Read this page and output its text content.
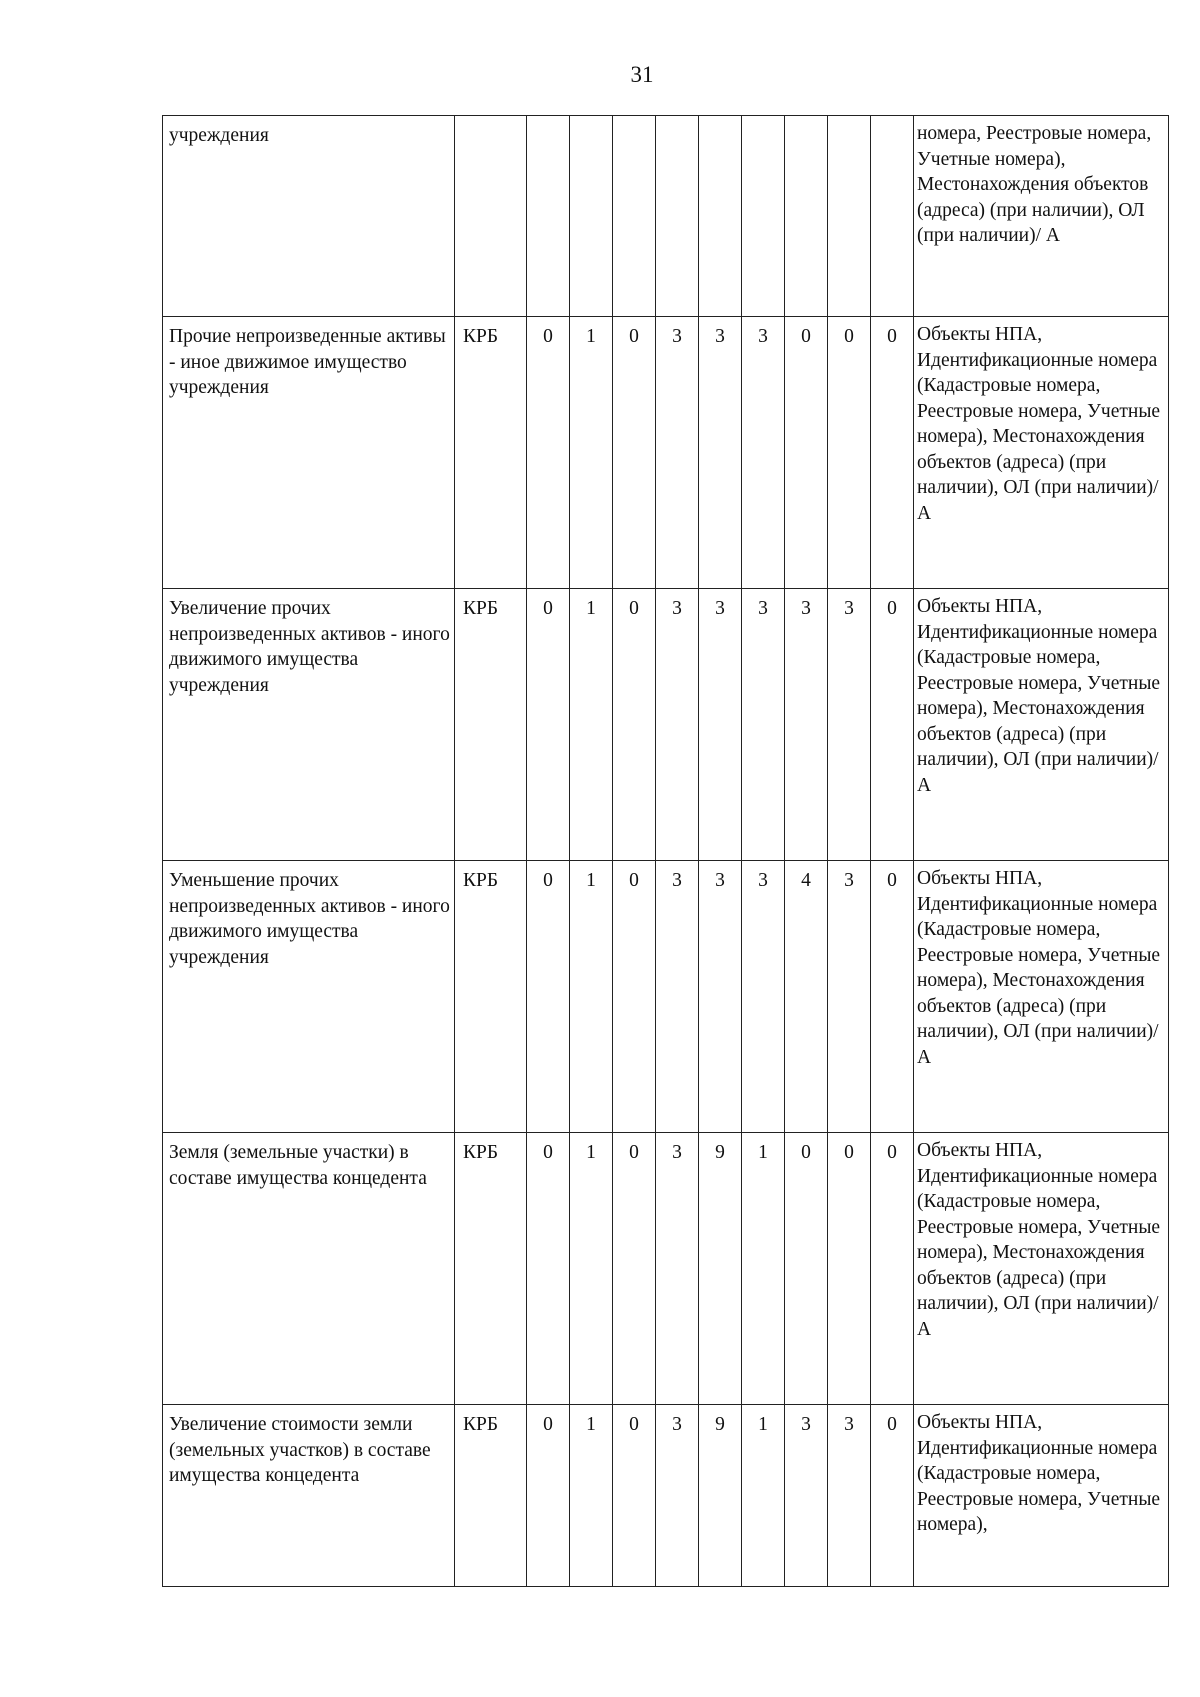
31
учреждения											номера, Реестровые номера, Учетные номера), Местонахождения объектов (адреса) (при наличии), ОЛ (при наличии)/ А
Прочие непроизведенные активы - иное движимое имущество учреждения	КРБ	0	1	0	3	3	3	0	0	0	Объекты НПА, Идентификационные номера (Кадастровые номера, Реестровые номера, Учетные номера), Местонахождения объектов (адреса) (при наличии), ОЛ (при наличии)/ А
Увеличение прочих непроизведенных активов - иного движимого имущества учреждения	КРБ	0	1	0	3	3	3	3	3	0	Объекты НПА, Идентификационные номера (Кадастровые номера, Реестровые номера, Учетные номера), Местонахождения объектов (адреса) (при наличии), ОЛ (при наличии)/ А
Уменьшение прочих непроизведенных активов - иного движимого имущества учреждения	КРБ	0	1	0	3	3	3	4	3	0	Объекты НПА, Идентификационные номера (Кадастровые номера, Реестровые номера, Учетные номера), Местонахождения объектов (адреса) (при наличии), ОЛ (при наличии)/ А
Земля (земельные участки) в составе имущества концедента	КРБ	0	1	0	3	9	1	0	0	0	Объекты НПА, Идентификационные номера (Кадастровые номера, Реестровые номера, Учетные номера), Местонахождения объектов (адреса) (при наличии), ОЛ (при наличии)/ А
Увеличение стоимости земли (земельных участков) в составе имущества концедента	КРБ	0	1	0	3	9	1	3	3	0	Объекты НПА, Идентификационные номера (Кадастровые номера, Реестровые номера, Учетные номера),
